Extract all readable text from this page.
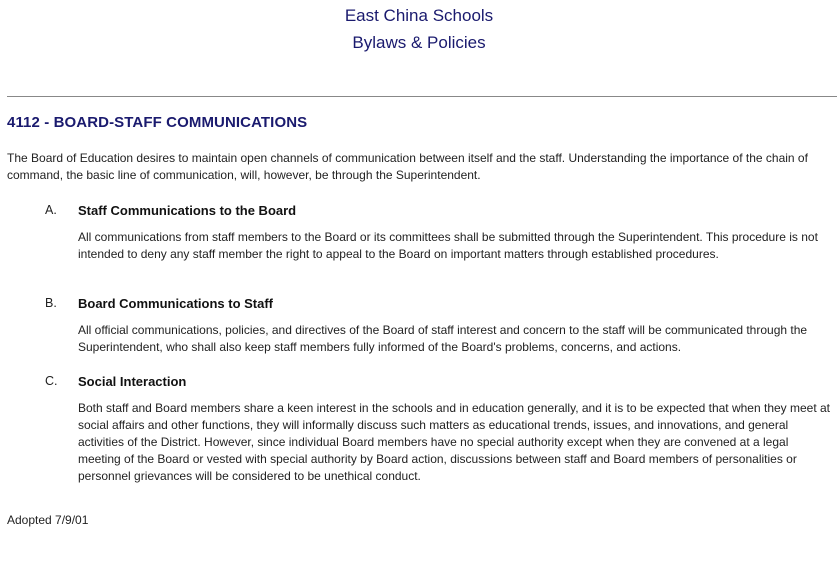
East China Schools
Bylaws & Policies
4112 - BOARD-STAFF COMMUNICATIONS
The Board of Education desires to maintain open channels of communication between itself and the staff. Understanding the importance of the chain of command, the basic line of communication, will, however, be through the Superintendent.
A. Staff Communications to the Board
All communications from staff members to the Board or its committees shall be submitted through the Superintendent. This procedure is not intended to deny any staff member the right to appeal to the Board on important matters through established procedures.
B. Board Communications to Staff
All official communications, policies, and directives of the Board of staff interest and concern to the staff will be communicated through the Superintendent, who shall also keep staff members fully informed of the Board's problems, concerns, and actions.
C. Social Interaction
Both staff and Board members share a keen interest in the schools and in education generally, and it is to be expected that when they meet at social affairs and other functions, they will informally discuss such matters as educational trends, issues, and innovations, and general activities of the District. However, since individual Board members have no special authority except when they are convened at a legal meeting of the Board or vested with special authority by Board action, discussions between staff and Board members of personalities or personnel grievances will be considered to be unethical conduct.
Adopted 7/9/01
